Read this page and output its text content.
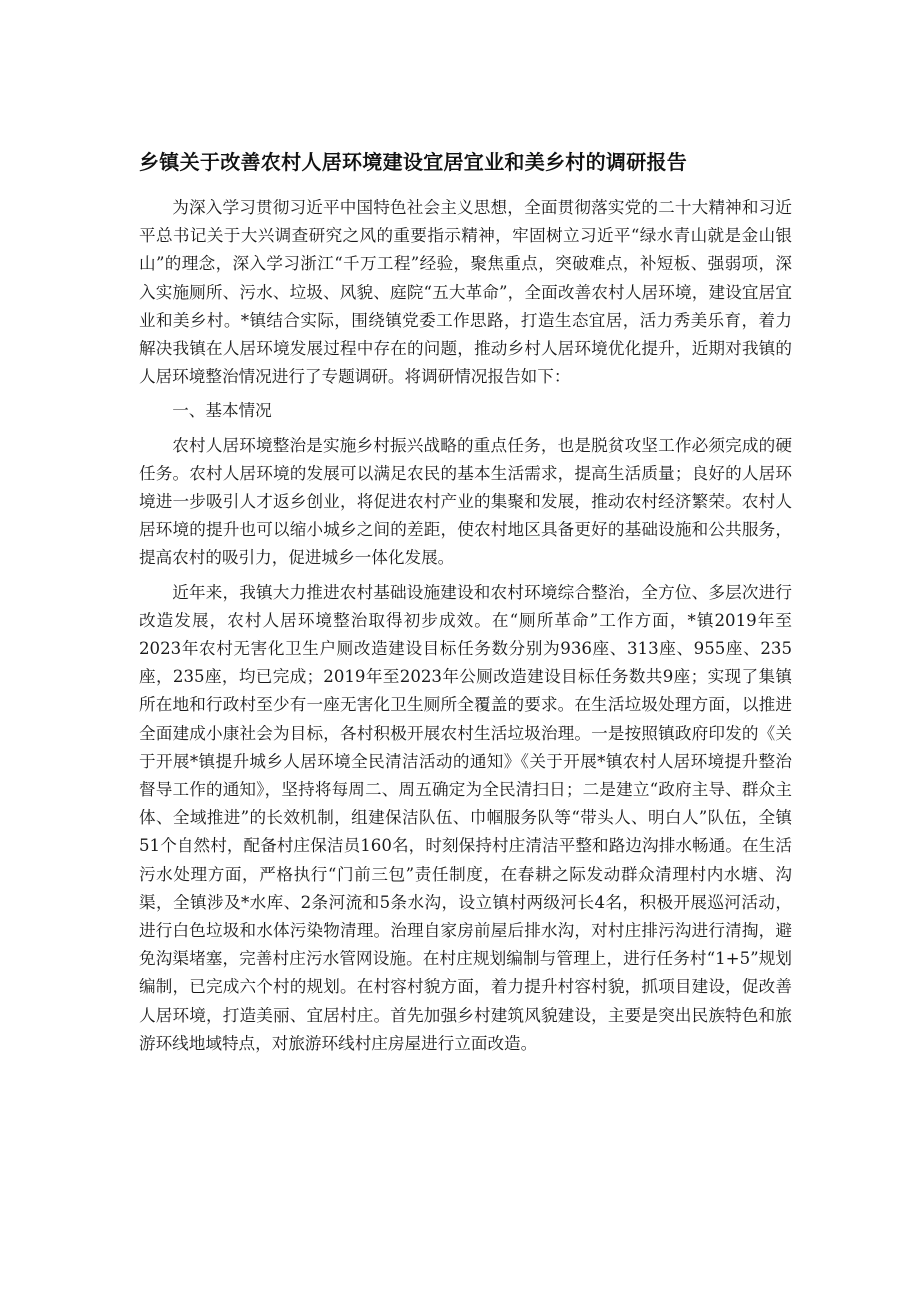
乡镇关于改善农村人居环境建设宜居宜业和美乡村的调研报告

为深入学习贯彻习近平中国特色社会主义思想，全面贯彻落实党的二十大精神和习近平总书记关于大兴调查研究之风的重要指示精神，牢固树立习近平“绿水青山就是金山银山”的理念，深入学习浙江“千万工程”经验，聚焦重点，突破难点，补短板、强弱项，深入实施厕所、污水、垃圾、风貌、庭院“五大革命”，全面改善农村人居环境，建设宜居宜业和美乡村。*镇结合实际，围绕镇党委工作思路，打造生态宜居，活力秀美乐育，着力解决我镇在人居环境发展过程中存在的问题，推动乡村人居环境优化提升，近期对我镇的人居环境整治情况进行了专题调研。将调研情况报告如下：

一、基本情况

农村人居环境整治是实施乡村振兴战略的重点任务，也是脱贫攻坚工作必须完成的硬任务。农村人居环境的发展可以满足农民的基本生活需求，提高生活质量；良好的人居环境进一步吸引人才返乡创业，将促进农村产业的集聚和发展，推动农村经济繁荣。农村人居环境的提升也可以缩小城乡之间的差距，使农村地区具备更好的基础设施和公共服务，提高农村的吸引力，促进城乡一体化发展。

近年来，我镇大力推进农村基础设施建设和农村环境综合整治，全方位、多层次进行改造发展，农村人居环境整治取得初步成效。在“厕所革命”工作方面，*镇2019年至2023年农村无害化卫生户厕改造建设目标任务数分别为936座、313座、955座、235座，235座，均已完成；2019年至2023年公厕改造建设目标任务数共9座；实现了集镇所在地和行政村至少有一座无害化卫生厕所全覆盖的要求。在生活垃圾处理方面，以推进全面建成小康社会为目标，各村积极开展农村生活垃圾治理。一是按照镇政府印发的《关于开展*镇提升城乡人居环境全民清洁活动的通知》《关于开展*镇农村人居环境提升整治督导工作的通知》，坚持将每周二、周五确定为全民清扫日；二是建立“政府主导、群众主体、全域推进”的长效机制，组建保洁队伍、巾帼服务队等“带头人、明白人”队伍，全镇51个自然村，配备村庄保洁员160名，时刻保持村庄清洁平整和路边沟排水畅通。在生活污水处理方面，严格执行“门前三包”责任制度，在春耕之际发动群众清理村内水塘、沟渠，全镇涉及*水库、2条河流和5条水沟，设立镇村两级河长4名，积极开展巡河活动，进行白色垃圾和水体污染物清理。治理自家房前屋后排水沟，对村庄排污沟进行清掏，避免沟渠堵塞，完善村庄污水管网设施。在村庄规划编制与管理上，进行任务村“1+5”规划编制，已完成六个村的规划。在村容村貌方面，着力提升村容村貌，抓项目建设，促改善人居环境，打造美丽、宜居村庄。首先加强乡村建筑风貌建设，主要是突出民族特色和旅游环线地域特点，对旅游环线村庄房屋进行立面改造。
